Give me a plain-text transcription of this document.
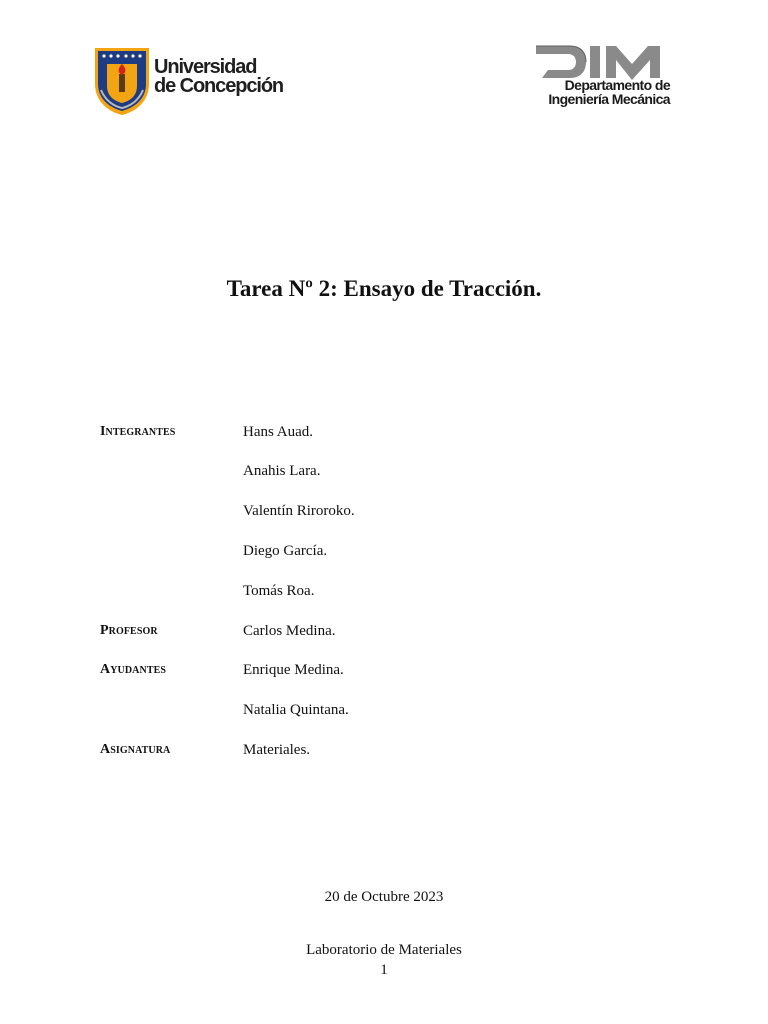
Universidad
de Concepción	Departamento de
Ingeniería Mecánica
Tarea Nº 2: Ensayo de Tracción.
Integrantes	Hans Auad.
Anahis Lara.
Valentín Riroroko.
Diego García.
Tomás Roa.
Profesor	Carlos Medina.
Ayudantes	Enrique Medina.
Natalia Quintana.
Asignatura	Materiales.
20 de Octubre 2023
Laboratorio de Materiales
1
